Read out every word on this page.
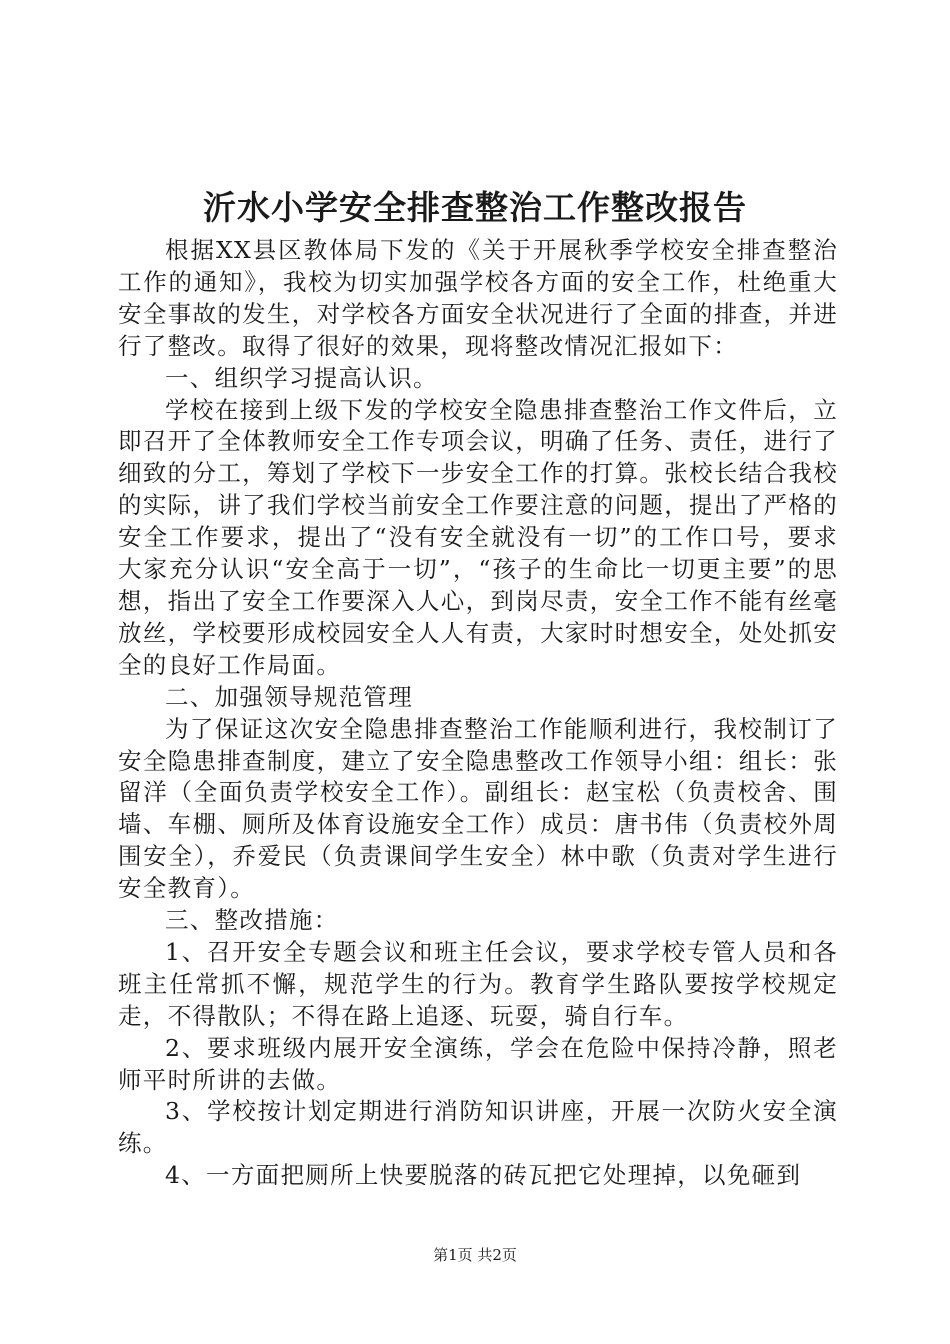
沂水小学安全排查整治工作整改报告

根据XX县区教体局下发的《关于开展秋季学校安全排查整治工作的通知》，我校为切实加强学校各方面的安全工作，杜绝重大安全事故的发生，对学校各方面安全状况进行了全面的排查，并进行了整改。取得了很好的效果，现将整改情况汇报如下：

一、组织学习提高认识。

学校在接到上级下发的学校安全隐患排查整治工作文件后，立即召开了全体教师安全工作专项会议，明确了任务、责任，进行了细致的分工，筹划了学校下一步安全工作的打算。张校长结合我校的实际，讲了我们学校当前安全工作要注意的问题，提出了严格的安全工作要求，提出了“没有安全就没有一切”的工作口号，要求大家充分认识“安全高于一切”，“孩子的生命比一切更主要”的思想，指出了安全工作要深入人心，到岗尽责，安全工作不能有丝毫放丝，学校要形成校园安全人人有责，大家时时想安全，处处抓安全的良好工作局面。

二、加强领导规范管理

为了保证这次安全隐患排查整治工作能顺利进行，我校制订了安全隐患排查制度，建立了安全隐患整改工作领导小组：组长：张留洋（全面负责学校安全工作）。副组长：赵宝松（负责校舍、围墙、车棚、厕所及体育设施安全工作）成员：唐书伟（负责校外周围安全），乔爱民（负责课间学生安全）林中歌（负责对学生进行安全教育）。

三、整改措施：

1、召开安全专题会议和班主任会议，要求学校专管人员和各班主任常抓不懈，规范学生的行为。教育学生路队要按学校规定走，不得散队；不得在路上追逐、玩耍，骑自行车。

2、要求班级内展开安全演练，学会在危险中保持冷静，照老师平时所讲的去做。

3、学校按计划定期进行消防知识讲座，开展一次防火安全演练。

4、一方面把厕所上快要脱落的砖瓦把它处理掉，以免砸到

第1页 共2页
